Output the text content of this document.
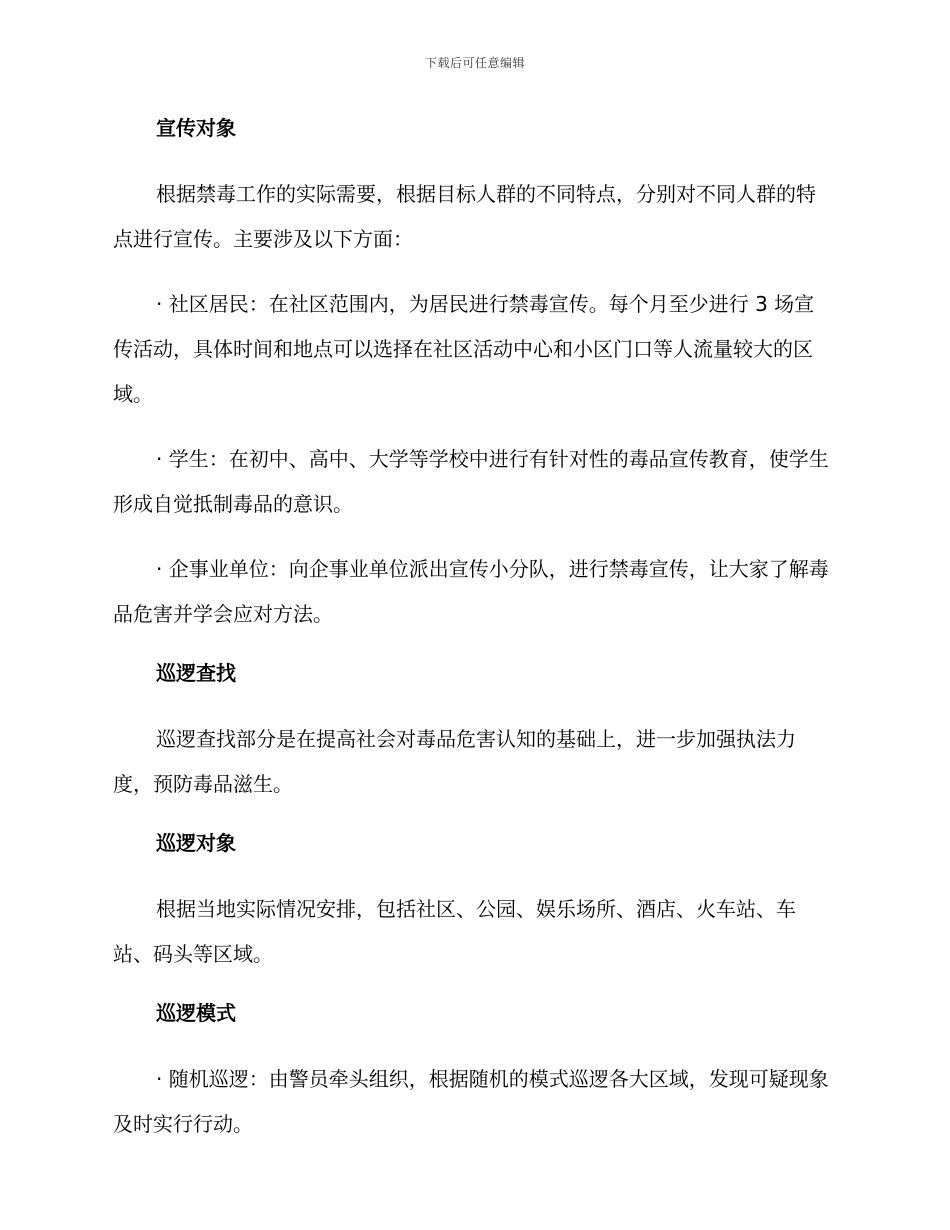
下载后可任意编辑
宣传对象

根据禁毒工作的实际需要，根据目标人群的不同特点，分别对不同人群的特点进行宣传。主要涉及以下方面：

· 社区居民：在社区范围内，为居民进行禁毒宣传。每个月至少进行 3 场宣传活动，具体时间和地点可以选择在社区活动中心和小区门口等人流量较大的区域。

· 学生：在初中、高中、大学等学校中进行有针对性的毒品宣传教育，使学生形成自觉抵制毒品的意识。

· 企事业单位：向企事业单位派出宣传小分队，进行禁毒宣传，让大家了解毒品危害并学会应对方法。

巡逻查找

巡逻查找部分是在提高社会对毒品危害认知的基础上，进一步加强执法力度，预防毒品滋生。

巡逻对象

根据当地实际情况安排，包括社区、公园、娱乐场所、酒店、火车站、车站、码头等区域。

巡逻模式

· 随机巡逻：由警员牵头组织，根据随机的模式巡逻各大区域，发现可疑现象及时实行行动。
